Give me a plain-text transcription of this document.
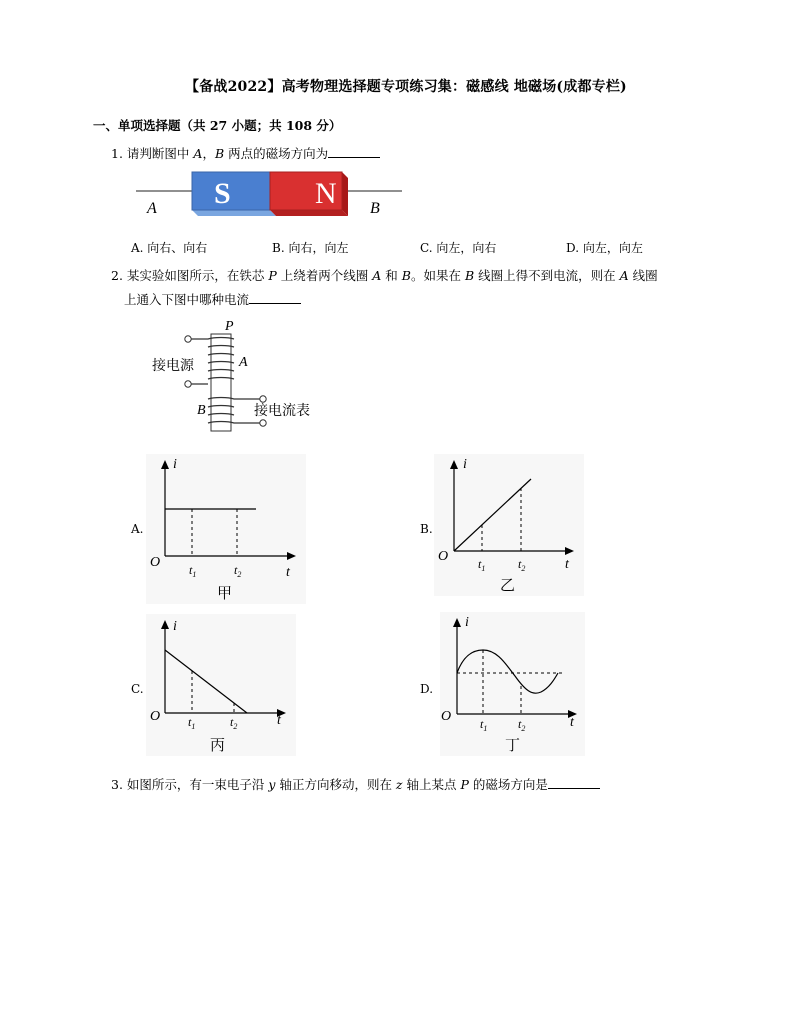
【备战2022】高考物理选择题专项练习集：磁感线 地磁场(成都专栏)
一、单项选择题（共 27 小题；共 108 分）
1. 请判断图中 A，B 两点的磁场方向为
S	N
A	B
A. 向右、向右	B. 向右，向左	C. 向左，向右	D. 向左，向左
2. 某实验如图所示，在铁芯 P 上绕着两个线圈 A 和 B。如果在 B 线圈上得不到电流，则在 A 线圈
上通入下图中哪种电流
P
A
B
接电源
接电流表
A.
i
t
O $t_1$	$t_2$
甲
B.
i
t
O $t_1$	$t_2$
乙
C.
i
t
O $t_1$	$t_2$
丙
D.
i
t
O $t_1$	$t_2$
丁
3. 如图所示，有一束电子沿 y 轴正方向移动，则在 z 轴上某点 P 的磁场方向是
